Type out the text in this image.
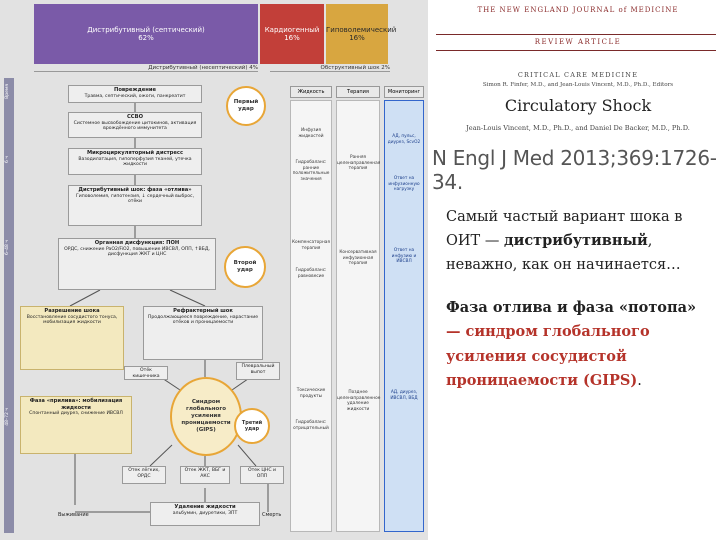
Дистрибутивный (септический)
62%
Кардиогенный
16%
Гиповолемический
16%
Дистрибутивный (несептический) 4%	Обструктивный шок 2%
Время
6 ч
6–48 ч
48–72 ч
Повреждение
Травма, септический, ожоги, панкреатит
ССВО
Системное высвобождение цитокинов, активация врождённого иммунитета
Микроциркуляторный дистресс
Вазодилатация, гипоперфузия тканей, утечка жидкости
Дистрибутивный шок: фаза «отлива»
Гиповолемия, гипотензия, ↓ сердечный выброс, отёки
Органная дисфункция: ПОН
ОРДС, снижение PaO2/FiO2, повышение ИВСВЛ, ОПП, ↑ВБД, дисфункция ЖКТ и ЦНС
Разрешение шока
Восстановление сосудистого тонуса, мобилизация жидкости
Рефрактерный шок
Продолжающееся повреждение, нарастание отёков и проницаемости
Отёк кишечника
Плевральный выпот
Фаза «прилива»: мобилизация жидкости
Спонтанный диурез, снижение ИВСВЛ
Первый удар
Второй удар
Синдром глобального усиления проницаемости (GIPS)
Третий удар
Отек лёгких, ОРДС
Отек ЖКТ, ВБГ и АКС
Отек ЦНС и ОПП
Выживание	Смерть
Удаление жидкости
альбумин, диуретики, ЗПТ
Жидкость	Терапия	Мониторинг
Инфузия жидкостей
Гидробаланс: ранние положительные значения
Компенсаторная терапия
Гидробаланс: равновесие
Токсические продукты
Гидробаланс: отрицательный
Ранняя целенаправленная терапия
Консервативная инфузионная терапия
Позднее целенаправленное удаление жидкости
АД, пульс, диурез, ScvO2
Ответ на инфузионную нагрузку
Ответ на инфузию и ИВСВЛ
АД, диурез, ИВСВЛ, ВБД
THE NEW ENGLAND JOURNAL of MEDICINE
REVIEW ARTICLE
CRITICAL CARE MEDICINE
Simon R. Finfer, M.D., and Jean-Louis Vincent, M.D., Ph.D., Editors
Circulatory Shock
Jean-Louis Vincent, M.D., Ph.D., and Daniel De Backer, M.D., Ph.D.
N Engl J Med 2013;369:1726-34.
Самый частый вариант шока в ОИТ — дистрибутивный, неважно, как он начинается…
Фаза отлива и фаза «потопа» — синдром глобального усиления сосудистой проницаемости (GIPS).
